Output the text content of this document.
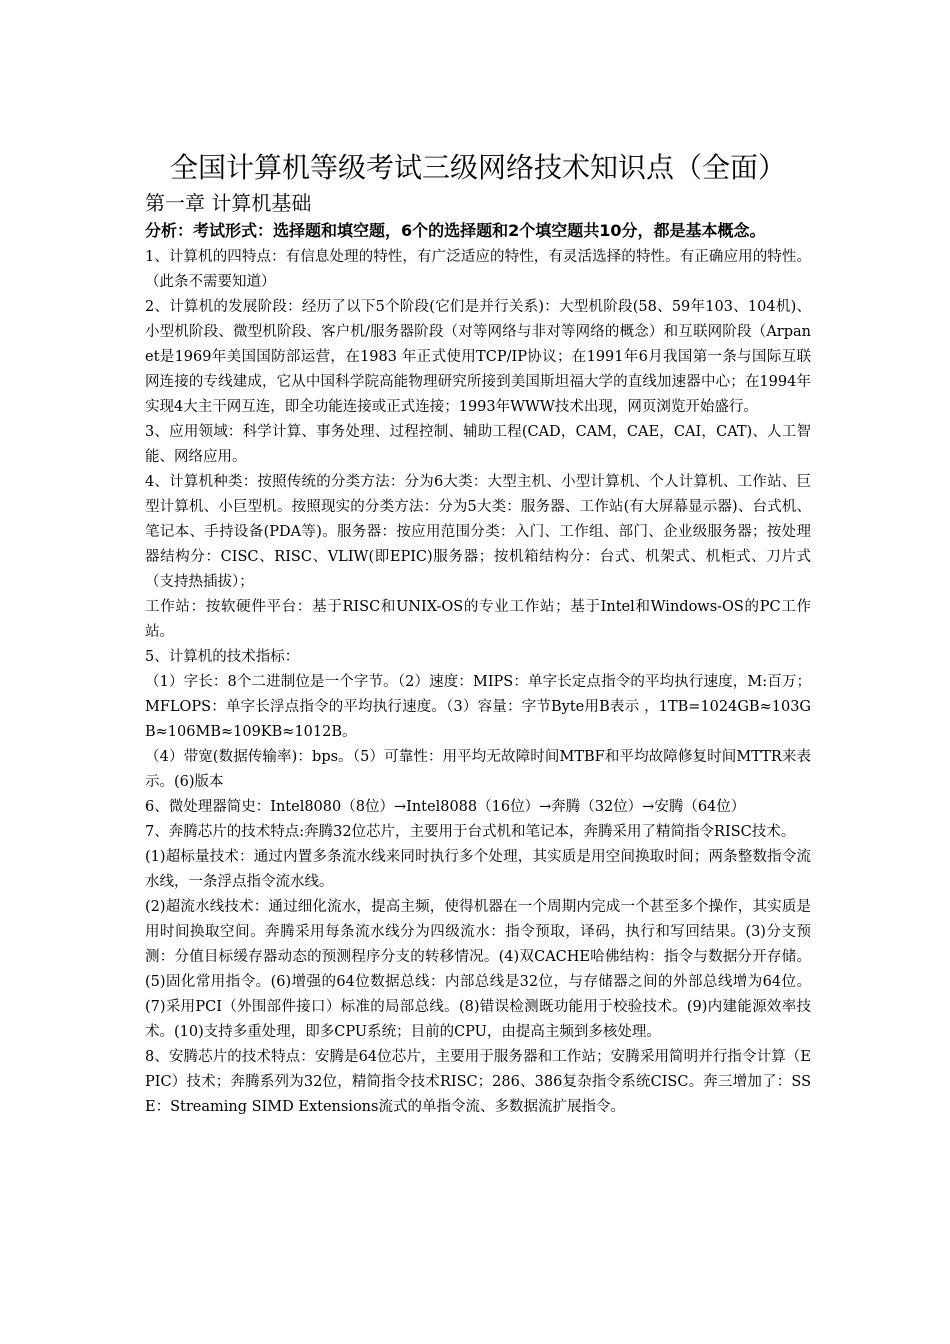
全国计算机等级考试三级网络技术知识点（全面）
第一章 计算机基础

分析：考试形式：选择题和填空题，6个的选择题和2个填空题共10分，都是基本概念。

1、计算机的四特点：有信息处理的特性，有广泛适应的特性，有灵活选择的特性。有正确应用的特性。（此条不需要知道）

2、计算机的发展阶段：经历了以下5个阶段(它们是并行关系)：大型机阶段(58、59年103、104机)、小型机阶段、微型机阶段、客户机/服务器阶段（对等网络与非对等网络的概念）和互联网阶段（Arpanet是1969年美国国防部运营，在1983 年正式使用TCP/IP协议；在1991年6月我国第一条与国际互联网连接的专线建成，它从中国科学院高能物理研究所接到美国斯坦福大学的直线加速器中心；在1994年实现4大主干网互连，即全功能连接或正式连接；1993年WWW技术出现，网页浏览开始盛行。

3、应用领域：科学计算、事务处理、过程控制、辅助工程(CAD，CAM，CAE，CAI，CAT)、人工智能、网络应用。

4、计算机种类：按照传统的分类方法：分为6大类：大型主机、小型计算机、个人计算机、工作站、巨型计算机、小巨型机。按照现实的分类方法：分为5大类：服务器、工作站(有大屏幕显示器)、台式机、笔记本、手持设备(PDA等)。服务器：按应用范围分类：入门、工作组、部门、企业级服务器；按处理器结构分：CISC、RISC、VLIW(即EPIC)服务器；按机箱结构分：台式、机架式、机柜式、刀片式（支持热插拔）；

工作站：按软硬件平台：基于RISC和UNIX-OS的专业工作站；基于Intel和Windows-OS的PC工作站。

5、计算机的技术指标：

（1）字长：8个二进制位是一个字节。（2）速度：MIPS：单字长定点指令的平均执行速度，M:百万；MFLOPS：单字长浮点指令的平均执行速度。（3）容量：字节Byte用B表示 ，1TB=1024GB≈103GB≈106MB≈109KB≈1012B。

（4）带宽(数据传输率)：bps。（5）可靠性：用平均无故障时间MTBF和平均故障修复时间MTTR来表示。(6)版本

6、微处理器简史：Intel8080（8位）→Intel8088（16位）→奔腾（32位）→安腾（64位）

7、奔腾芯片的技术特点:奔腾32位芯片，主要用于台式机和笔记本，奔腾采用了精简指令RISC技术。

(1)超标量技术：通过内置多条流水线来同时执行多个处理，其实质是用空间换取时间；两条整数指令流水线，一条浮点指令流水线。

(2)超流水线技术：通过细化流水，提高主频，使得机器在一个周期内完成一个甚至多个操作，其实质是用时间换取空间。奔腾采用每条流水线分为四级流水：指令预取，译码，执行和写回结果。(3)分支预测：分值目标缓存器动态的预测程序分支的转移情况。(4)双CACHE哈佛结构：指令与数据分开存储。(5)固化常用指令。(6)增强的64位数据总线：内部总线是32位，与存储器之间的外部总线增为64位。(7)采用PCI（外围部件接口）标准的局部总线。(8)错误检测既功能用于校验技术。(9)内建能源效率技术。(10)支持多重处理，即多CPU系统；目前的CPU，由提高主频到多核处理。

8、安腾芯片的技术特点：安腾是64位芯片，主要用于服务器和工作站；安腾采用简明并行指令计算（EPIC）技术；奔腾系列为32位，精简指令技术RISC；286、386复杂指令系统CISC。奔三增加了：SSE：Streaming SIMD Extensions流式的单指令流、多数据流扩展指令。
